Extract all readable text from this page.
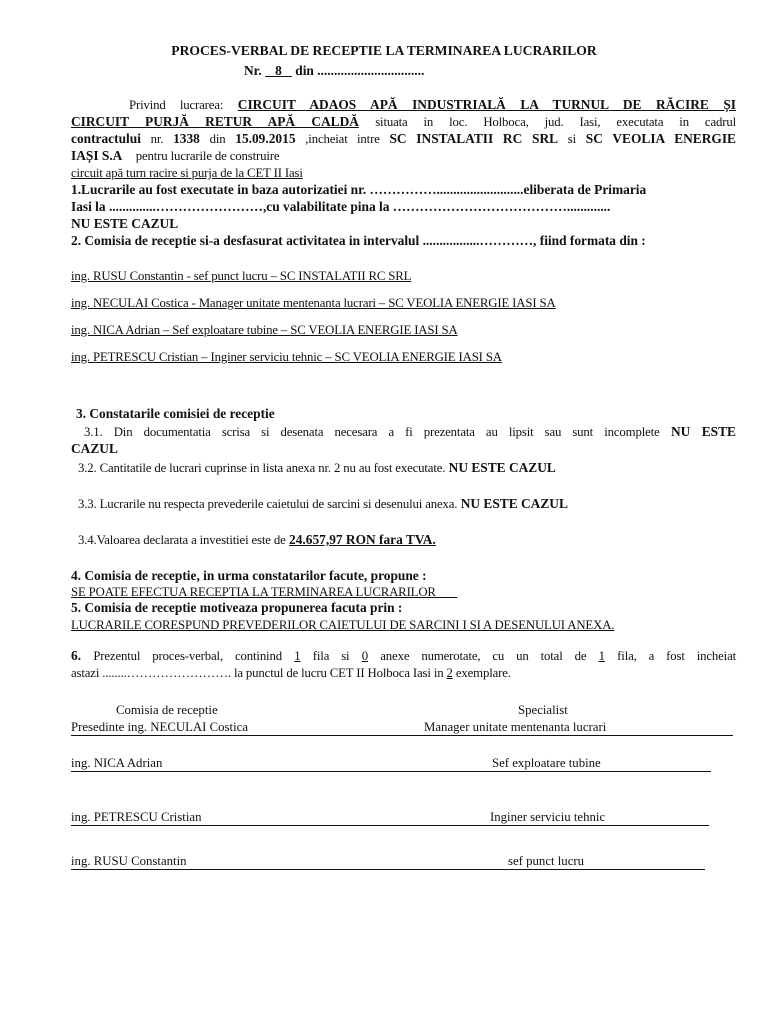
PROCES-VERBAL DE RECEPTIE LA TERMINAREA LUCRARILOR
Nr. 8 din ................................
Privind lucrarea: CIRCUIT ADAOS APĂ INDUSTRIALĂ LA TURNUL DE RĂCIRE ȘI
CIRCUIT PURJĂ RETUR APĂ CALDĂ situata in loc. Holboca, jud. Iasi, executata in cadrul
contractului nr. 1338 din 15.09.2015 ,incheiat intre SC INSTALATII RC SRL si SC VEOLIA ENERGIE
IAȘI S.A pentru lucrarile de construire
circuit apă turn racire si purja de la CET II Iasi
1.Lucrarile au fost executate in baza autorizatiei nr. ……………..........................eliberata de Primaria
Iasi la ..............……………………,cu valabilitate pina la ………………………………….............
NU ESTE CAZUL
2. Comisia de receptie si-a desfasurat activitatea in intervalul .................…………, fiind formata din :
ing. RUSU Constantin - sef punct lucru – SC INSTALATII RC SRL
ing. NECULAI Costica - Manager unitate mentenanta lucrari – SC VEOLIA ENERGIE IASI SA
ing. NICA Adrian – Sef exploatare tubine – SC VEOLIA ENERGIE IASI SA
ing. PETRESCU Cristian – Inginer serviciu tehnic – SC VEOLIA ENERGIE IASI SA
3. Constatarile comisiei de receptie
3.1. Din documentatia scrisa si desenata necesara a fi prezentata au lipsit sau sunt incomplete NU ESTE
CAZUL
3.2. Cantitatile de lucrari cuprinse in lista anexa nr. 2 nu au fost executate. NU ESTE CAZUL
3.3. Lucrarile nu respecta prevederile caietului de sarcini si desenului anexa. NU ESTE CAZUL
3.4.Valoarea declarata a investitiei este de 24.657,97 RON fara TVA.
4. Comisia de receptie, in urma constatarilor facute, propune :
SE POATE EFECTUA RECEPTIA LA TERMINAREA LUCRARILOR
5. Comisia de receptie motiveaza propunerea facuta prin :
LUCRARILE CORESPUND PREVEDERILOR CAIETULUI DE SARCINI I SI A DESENULUI ANEXA.
6. Prezentul proces-verbal, continind 1 fila si 0 anexe numerotate, cu un total de 1 fila, a fost incheiat
astazi ........……………………. la punctul de lucru CET II Holboca Iasi in 2 exemplare.
Comisia de receptie	Specialist
Presedinte ing. NECULAI Costica	Manager unitate mentenanta lucrari
ing. NICA Adrian	Sef exploatare tubine
ing. PETRESCU Cristian	Inginer serviciu tehnic
ing. RUSU Constantin	sef punct lucru
